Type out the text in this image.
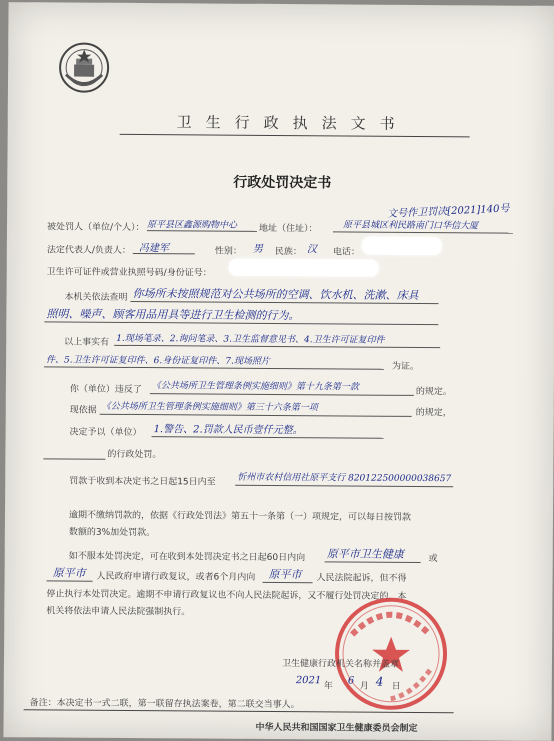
卫生行政执法文书
行政处罚决定书
文号作卫罚决[2021]140号
被处罚人（单位/个人）： 原平县区鑫源购物中心 地址（住址）：	原平县城区利民路南门口华信大厦
法定代表人/负责人： 冯建军	性别： 男 民族： 汉 电话：
卫生许可证件或营业执照号码/身份证号：
本机关依法查明 你场所未按照规范对公共场所的空调、饮水机、洗漱、床具
照明、噪声、顾客用品用具等进行卫生检测的行为。
以上事实有 1.现场笔录、2.询问笔录、3.卫生监督意见书、4.卫生许可证复印件
件、5.卫生许可证复印件、6.身份证复印件、7.现场照片	为证。
你（单位）违反了 《公共场所卫生管理条例实施细则》第十九条第一款	的规定。
现依据 《公共场所卫生管理条例实施细则》第三十六条第一项	的规定，
决定予以（单位） 1.警告、2.罚款人民币壹仟元整。
的行政处罚。
罚款于收到本决定书之日起15日内至 忻州市农村信用社原平支行 820122500000038657
逾期不缴纳罚款的，依据《行政处罚法》第五十一条第（一）项规定，可以每日按罚款
数额的3%加处罚款。
如不服本处罚决定，可在收到本处罚决定书之日起60日内向 原平市卫生健康	或
原平市 人民政府申请行政复议，或者6个月内向 原平市 人民法院起诉，但不得
停止执行本处罚决定。逾期不申请行政复议也不向人民法院起诉，又不履行处罚决定的，本
机关将依法申请人民法院强制执行。
卫生健康行政机关名称并盖章
2021
年 6
月 4 日
备注：本决定书一式二联，第一联留存执法案卷，第二联交当事人。
中华人民共和国国家卫生健康委员会制定
